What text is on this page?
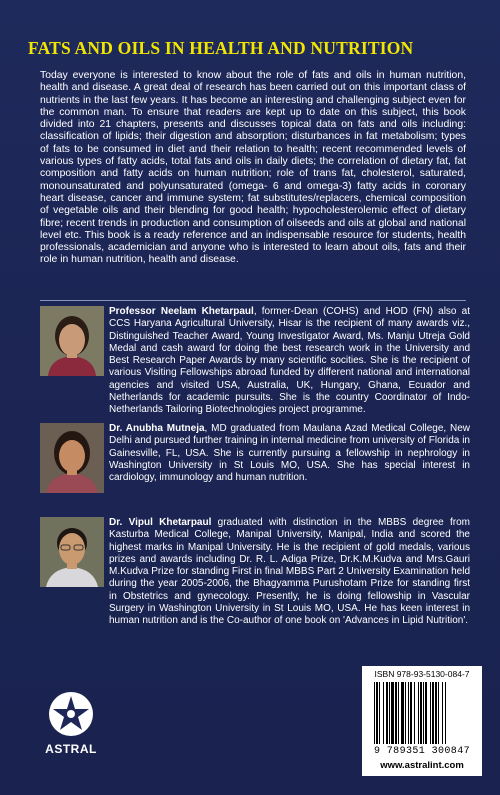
FATS AND OILS IN HEALTH AND NUTRITION
Today everyone is interested to know about the role of fats and oils in human nutrition, health and disease. A great deal of research has been carried out on this important class of nutrients in the last few years. It has become an interesting and challenging subject even for the common man. To ensure that readers are kept up to date on this subject, this book divided into 21 chapters, presents and discusses topical data on fats and oils including: classification of lipids; their digestion and absorption; disturbances in fat metabolism; types of fats to be consumed in diet and their relation to health; recent recommended levels of various types of fatty acids, total fats and oils in daily diets; the correlation of dietary fat, fat composition and fatty acids on human nutrition; role of trans fat, cholesterol, saturated, monounsaturated and polyunsaturated (omega- 6 and omega-3) fatty acids in coronary heart disease, cancer and immune system; fat substitutes/replacers, chemical composition of vegetable oils and their blending for good health; hypocholesterolemic effect of dietary fibre; recent trends in production and consumption of oilseeds and oils at global and national level etc. This book is a ready reference and an indispensable resource for students, health professionals, academician and anyone who is interested to learn about oils, fats and their role in human nutrition, health and disease.
Professor Neelam Khetarpaul, former-Dean (COHS) and HOD (FN) also at CCS Haryana Agricultural University, Hisar is the recipient of many awards viz., Distinguished Teacher Award, Young Investigator Award, Ms. Manju Utreja Gold Medal and cash award for doing the best research work in the University and Best Research Paper Awards by many scientific socities. She is the recipient of various Visiting Fellowships abroad funded by different national and international agencies and visited USA, Australia, UK, Hungary, Ghana, Ecuador and Netherlands for academic pursuits. She is the country Coordinator of Indo-Netherlands Tailoring Biotechnologies project programme.
Dr. Anubha Mutneja, MD graduated from Maulana Azad Medical College, New Delhi and pursued further training in internal medicine from university of Florida in Gainesville, FL, USA. She is currently pursuing a fellowship in nephrology in Washington University in St Louis MO, USA. She has special interest in cardiology, immunology and human nutrition.
Dr. Vipul Khetarpaul graduated with distinction in the MBBS degree from Kasturba Medical College, Manipal University, Manipal, India and scored the highest marks in Manipal University. He is the recipient of gold medals, various prizes and awards including Dr. R. L. Adiga Prize, Dr.K.M.Kudva and Mrs.Gauri M.Kudva Prize for standing First in final MBBS Part 2 University Examination held during the year 2005-2006, the Bhagyamma Purushotam Prize for standing first in Obstetrics and gynecology. Presently, he is doing fellowship in Vascular Surgery in Washington University in St Louis MO, USA. He has keen interest in human nutrition and is the Co-author of one book on 'Advances in Lipid Nutrition'.
ASTRAL
ISBN 978-93-5130-084-7
9 789351 300847
www.astralint.com
